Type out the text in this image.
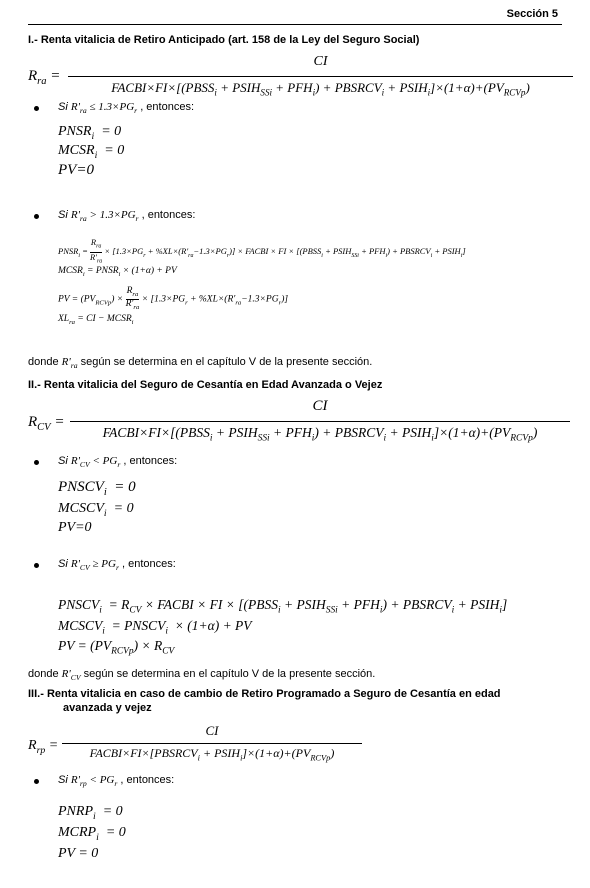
Sección 5
I.- Renta vitalicia de Retiro Anticipado (art. 158 de la Ley del Seguro Social)
$R_{ra}$ =
CI
$FACBI\times FI\times[(PBSS_i$ + $PSIH_{SSi} + PFH_i$) + $PBSRCV_i$ + $PSIH_i]\times(1+\alpha)+(PV_{RCVp})$
Si $R'_{ra} \le 1.3\times PG_r$ , entonces:
$PNSR_i = 0$
$MCSR_i = 0$
PV=0
Si $R'_{ra} > 1.3\times PG_r$ , entonces:
$PNSR_i = R_{ra}$
$R'_{ra} \times [1.3\times PG_r + \%XL\times(R'_{ra}-1.3\times PG_r)]$ × FACBI × FI × [($PBSS_i$ + $PSIH_{SSi} + PFH_i$) + $PBSRCV_i$ + $PSIH_i$]
$MCSR_i$ = $PNSR_i \times (1+\alpha)$ + PV
PV = $(PV_{RCVp}) \times R_{ra}$
$R'_{ra} \times [1.3\times PG_r + \%XL\times(R'_{ra}-1.3\times PG_r)]$
$XL_{ra}$ = CI − $MCSR_i$
donde $R'_{ra}$ según se determina en el capítulo V de la presente sección.
II.- Renta vitalicia del Seguro de Cesantía en Edad Avanzada o Vejez
$R_{CV}$ =
CI
$FACBI\times FI\times[(PBSS_i$ + $PSIH_{SSi} + PFH_i$) + $PBSRCV_i$ + $PSIH_i]\times(1+\alpha)+(PV_{RCVp})$
Si $R'_{CV} < PG_r$ , entonces:
$PNSCV_i = 0$
$MCSCV_i = 0$
PV=0
Si $R'_{CV} \ge PG_r$ , entonces:
$PNSCV_i = R_{CV}$ × FACBI × FI × [($PBSS_i$ + $PSIH_{SSi} + PFH_i$) + $PBSRCV_i$ + $PSIH_i$]
$MCSCV_i$  = $PNSCV_i \times (1+\alpha)$ + PV
PV = $(PV_{RCVp}) \times R_{CV}$
donde $R'_{CV}$ según se determina en el capítulo V de la presente sección.
III.- Renta vitalicia en caso de cambio de Retiro Programado a Seguro de Cesantía en edad
avanzada y vejez
$R_{rp}$ =
CI
$FACBI\times FI\times[PBSRCV_i$ + $PSIH_i]\times(1+\alpha)+(PV_{RCVp})$
Si $R'_{rp} < PG_r$ , entonces:
$PNRP_i = 0$
$MCRP_i = 0$
PV = 0
